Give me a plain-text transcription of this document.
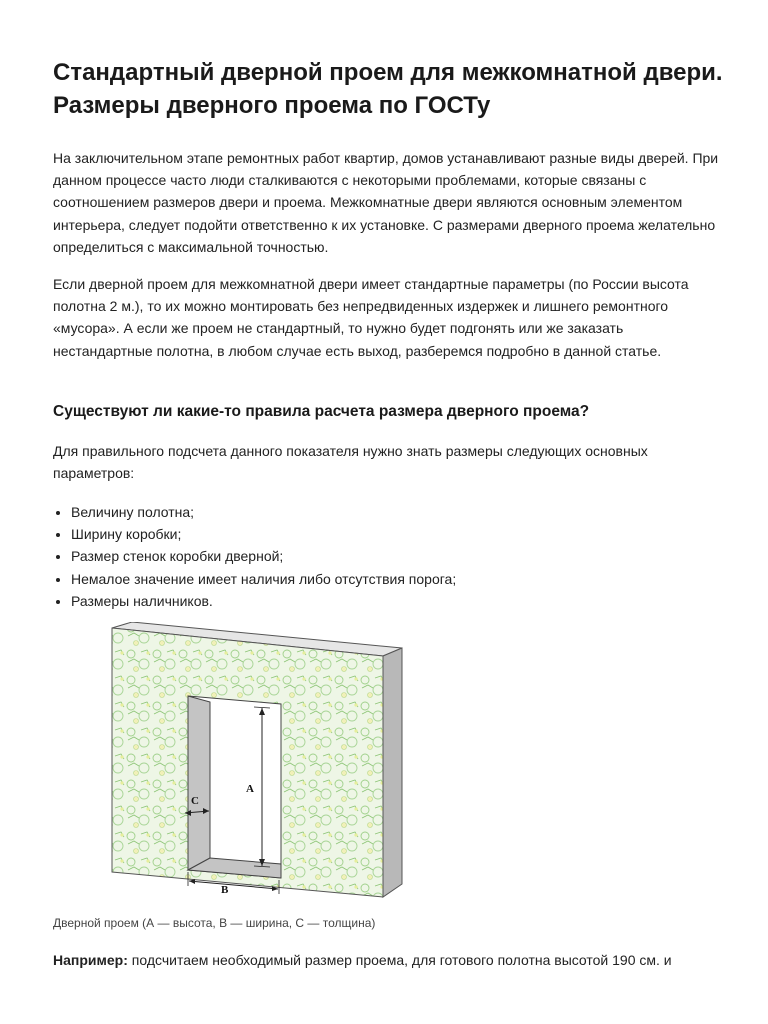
Стандартный дверной проем для межкомнатной двери. Размеры дверного проема по ГОСТу

На заключительном этапе ремонтных работ квартир, домов устанавливают разные виды дверей. При данном процессе часто люди сталкиваются с некоторыми проблемами, которые связаны с соотношением размеров двери и проема. Межкомнатные двери являются основным элементом интерьера, следует подойти ответственно к их установке. С размерами дверного проема желательно определиться с максимальной точностью.

Если дверной проем для межкомнатной двери имеет стандартные параметры (по России высота полотна 2 м.), то их можно монтировать без непредвиденных издержек и лишнего ремонтного «мусора». А если же проем не стандартный, то нужно будет подгонять или же заказать нестандартные полотна, в любом случае есть выход, разберемся подробно в данной статье.

Существуют ли какие-то правила расчета размера дверного проема?

Для правильного подсчета данного показателя нужно знать размеры следующих основных параметров:

• Величину полотна;
• Ширину коробки;
• Размер стенок коробки дверной;
• Немалое значение имеет наличия либо отсутствия порога;
• Размеры наличников.
A
C
B
Дверной проем (А — высота, В — ширина, С — толщина)
Например: подсчитаем необходимый размер проема, для готового полотна высотой 190 см. и
